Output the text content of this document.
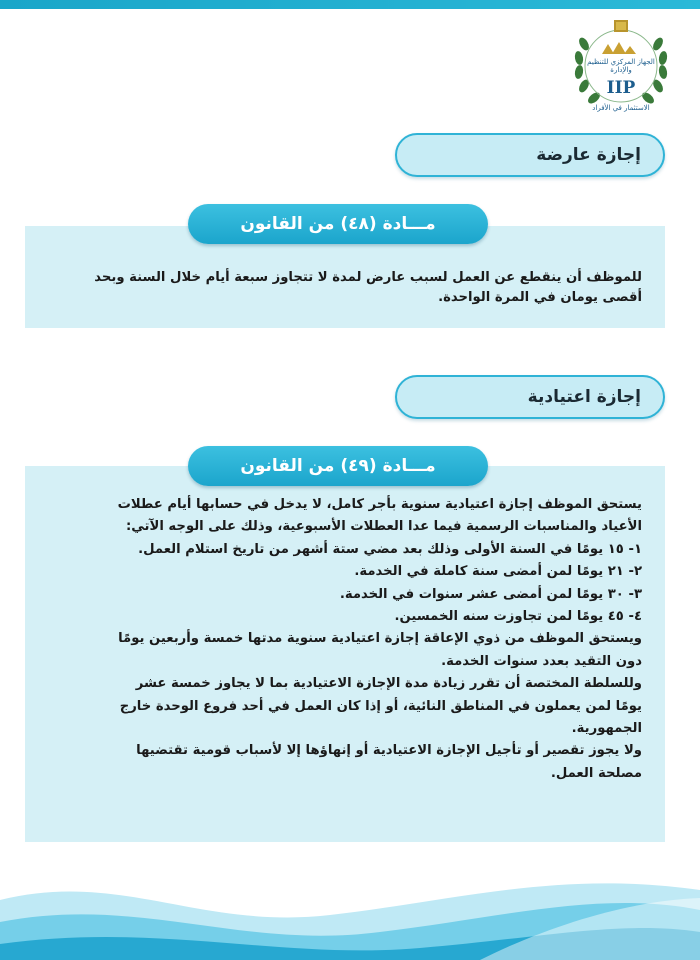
الجهاز المركزي للتنظيم والإدارة
IIP
الاستثمار في الأفراد
إجازة عارضة
مـــادة (٤٨) من القانون
للموظف أن ينقطع عن العمل لسبب عارض لمدة لا تتجاوز سبعة أيام خلال السنة وبحد
أقصى يومان في المرة الواحدة.
إجازة اعتيادية
مـــادة (٤٩) من القانون
يستحق الموظف إجازة اعتيادية سنوية بأجر كامل، لا يدخل في حسابها أيام عطلات
الأعياد والمناسبات الرسمية فيما عدا العطلات الأسبوعية، وذلك على الوجه الآتي:
١- ١٥ يومًا في السنة الأولى وذلك بعد مضي ستة أشهر من تاريخ استلام العمل.
٢- ٢١ يومًا لمن أمضى سنة كاملة في الخدمة.
٣- ٣٠ يومًا لمن أمضى عشر سنوات في الخدمة.
٤- ٤٥ يومًا لمن تجاوزت سنه الخمسين.
ويستحق الموظف من ذوي الإعاقة إجازة اعتيادية سنوية مدتها خمسة وأربعين يومًا
دون التقيد بعدد سنوات الخدمة.
وللسلطة المختصة أن تقرر زيادة مدة الإجازة الاعتيادية بما لا يجاوز خمسة عشر
يومًا لمن يعملون في المناطق النائية، أو إذا كان العمل في أحد فروع الوحدة خارج
الجمهورية.
ولا يجوز تقصير أو تأجيل الإجازة الاعتيادية أو إنهاؤها إلا لأسباب قومية تقتضيها
مصلحة العمل.
